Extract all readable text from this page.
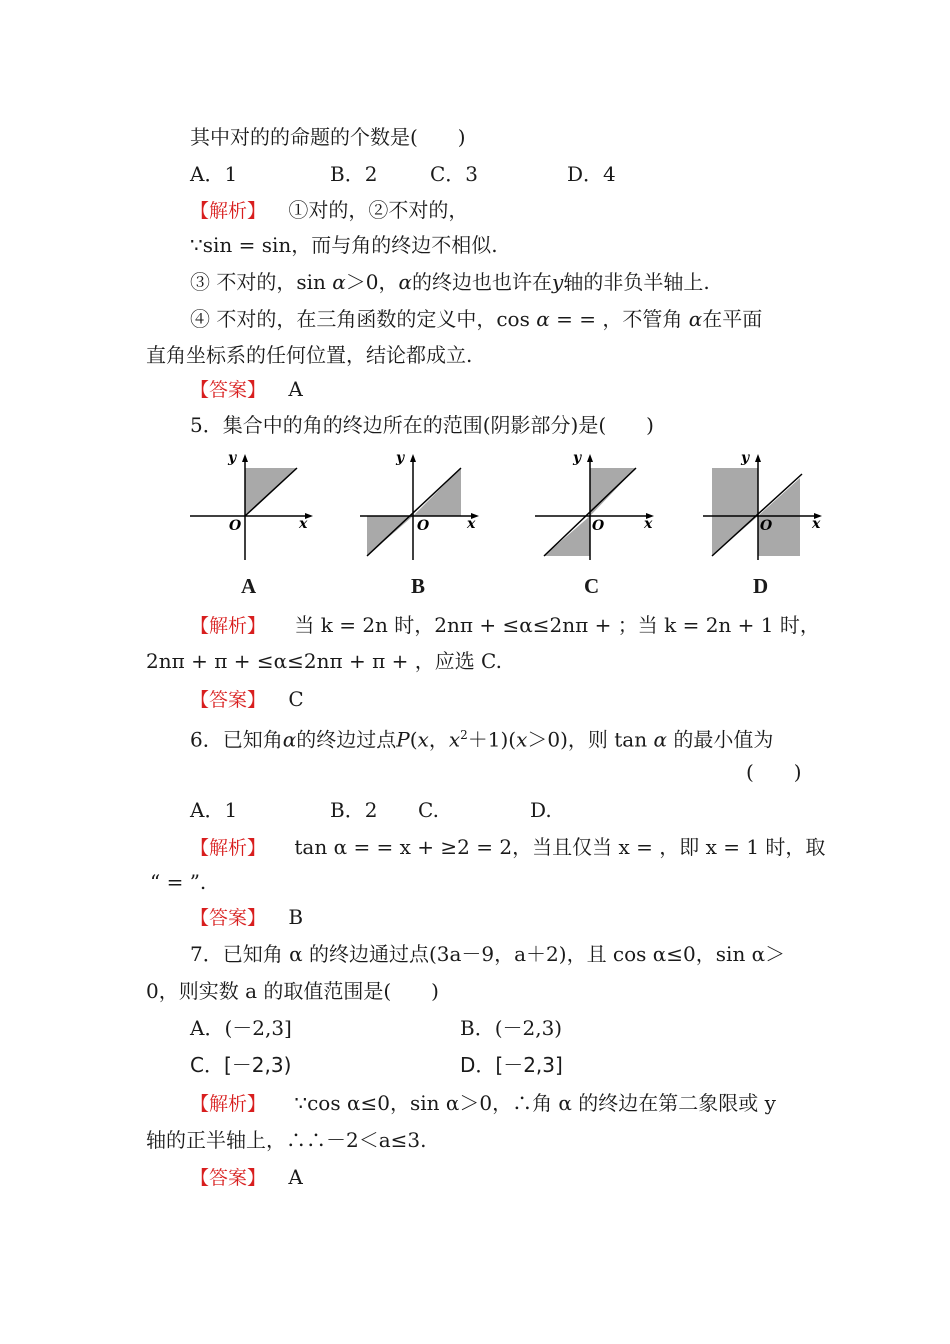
其中对的的命题的个数是(　　)
A．1	B．2	C．3	D．4
【解析】 ①对的，②不对的，
∵sin = sin，而与角的终边不相似.
③ 不对的，sin α＞0，α的终边也也许在y轴的非负半轴上.
④ 不对的，在三角函数的定义中，cos α = = ，不管角 α在平面
直角坐标系的任何位置，结论都成立.
【答案】 A
5．集合中的角的终边所在的范围(阴影部分)是(　　)
y
x
O
y
x
O
y
x
O
y
x
O
A	B	C	D
【解析】 当 k = 2n 时，2nπ + ≤α≤2nπ + ；当 k = 2n + 1 时，
2nπ + π + ≤α≤2nπ + π + ，应选 C.
【答案】 C
6．已知角α的终边过点P(x，$x^2+1)(x>0)$，则 tan α 的最小值为
(　　)
A．1	B．2 C.	D.
【解析】 tan α = = x + ≥2 = 2，当且仅当 x = ，即 x = 1 时，取
“ = ”.
【答案】 B
7．已知角 α 的终边通过点(3a－9，a＋2)，且 cos α≤0，sin α＞
0，则实数 a 的取值范围是(　　)
A．(－2,3]	B．(－2,3)
C．[－2,3)	D．[－2,3]
【解析】 ∵cos α≤0，sin α＞0，∴角 α 的终边在第二象限或 y
轴的正半轴上，∴∴－2＜a≤3.
【答案】 A
